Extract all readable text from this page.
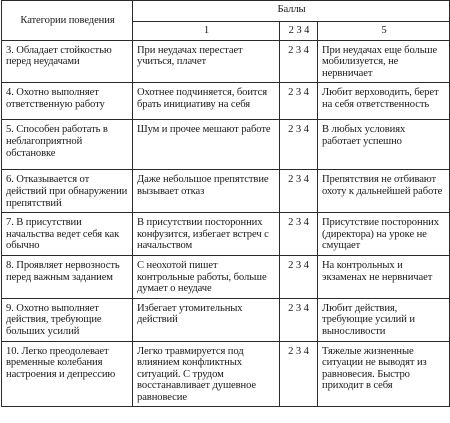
Категории поведения	Баллы		
	1	2 3 4	5
3. Обладает стойкостью перед неудачами	При неудачах перестает учиться, плачет	2 3 4	При неудачах еще больше мобилизуется, не нервничает
4. Охотно выполняет ответственную работу	Охотнее подчиняется, боится брать инициативу на себя	2 3 4	Любит верховодить, берет на себя ответственность
5. Способен работать в неблагоприятной обстановке	Шум и прочее мешают работе	2 3 4	В любых условиях работает успешно
6. Отказывается от действий при обнаружении препятствий	Даже небольшое препятствие вызывает отказ	2 3 4	Препятствия не отбивают охоту к дальнейшей работе
7. В присутствии начальства ведет себя как обычно	В присутствии посторонних конфузится, избегает встреч с начальством	2 3 4	Присутствие посторонних (директора) на уроке не смущает
8. Проявляет нервозность перед важным заданием	С неохотой пишет контрольные работы, больше думает о неудаче	2 3 4	На контрольных и экзаменах не нервничает
9. Охотно выполняет действия, требующие больших усилий	Избегает утомительных действий	2 3 4	Любит действия, требующие усилий и выносливости
10. Легко преодолевает временные колебания настроения и депрессию	Легко травмируется под влиянием конфликтных ситуаций. С трудом восстанавливает душевное равновесие	2 3 4	Тяжелые жизненные ситуации не выводят из равновесия. Быстро приходит в себя
